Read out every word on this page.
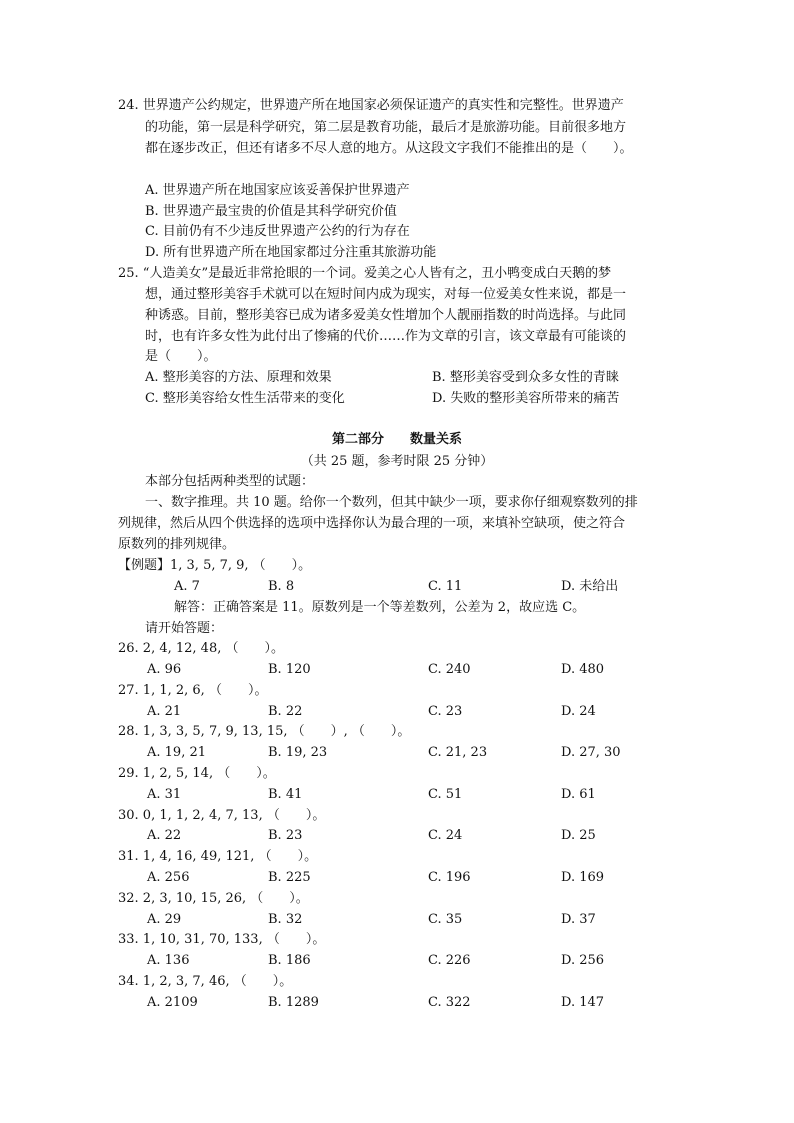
24. 世界遗产公约规定，世界遗产所在地国家必须保证遗产的真实性和完整性。世界遗产
的功能，第一层是科学研究，第二层是教育功能，最后才是旅游功能。目前很多地方
都在逐步改正，但还有诸多不尽人意的地方。从这段文字我们不能推出的是（　　）。
A. 世界遗产所在地国家应该妥善保护世界遗产
B. 世界遗产最宝贵的价值是其科学研究价值
C. 目前仍有不少违反世界遗产公约的行为存在
D. 所有世界遗产所在地国家都过分注重其旅游功能
25. “人造美女”是最近非常抢眼的一个词。爱美之心人皆有之，丑小鸭变成白天鹅的梦
想，通过整形美容手术就可以在短时间内成为现实，对每一位爱美女性来说，都是一
种诱惑。目前，整形美容已成为诸多爱美女性增加个人靓丽指数的时尚选择。与此同
时，也有许多女性为此付出了惨痛的代价……作为文章的引言，该文章最有可能谈的
是（　　）。
A. 整形美容的方法、原理和效果	B. 整形美容受到众多女性的青睐
C. 整形美容给女性生活带来的变化	D. 失败的整形美容所带来的痛苦
第二部分　　数量关系
（共 25 题，参考时限 25 分钟）
本部分包括两种类型的试题：
一、数字推理。共 10 题。给你一个数列，但其中缺少一项，要求你仔细观察数列的排
列规律，然后从四个供选择的选项中选择你认为最合理的一项，来填补空缺项，使之符合
原数列的排列规律。
【例题】1, 3, 5, 7, 9, （　　）。
A. 7	B. 8	C. 11	D. 未给出
解答：正确答案是 11。原数列是一个等差数列，公差为 2，故应选 C。
请开始答题：
26. 2, 4, 12, 48, （　　）。
A. 96	B. 120	C. 240	D. 480
27. 1, 1, 2, 6, （　　）。
A. 21	B. 22	C. 23	D. 24
28. 1, 3, 3, 5, 7, 9, 13, 15, （　　）, （　　）。
A. 19, 21	B. 19, 23	C. 21, 23	D. 27, 30
29. 1, 2, 5, 14, （　　）。
A. 31	B. 41	C. 51	D. 61
30. 0, 1, 1, 2, 4, 7, 13, （　　）。
A. 22	B. 23	C. 24	D. 25
31. 1, 4, 16, 49, 121, （　　）。
A. 256	B. 225	C. 196	D. 169
32. 2, 3, 10, 15, 26, （　　）。
A. 29	B. 32	C. 35	D. 37
33. 1, 10, 31, 70, 133, （　　）。
A. 136	B. 186	C. 226	D. 256
34. 1, 2, 3, 7, 46, （　　）。
A. 2109	B. 1289	C. 322	D. 147
